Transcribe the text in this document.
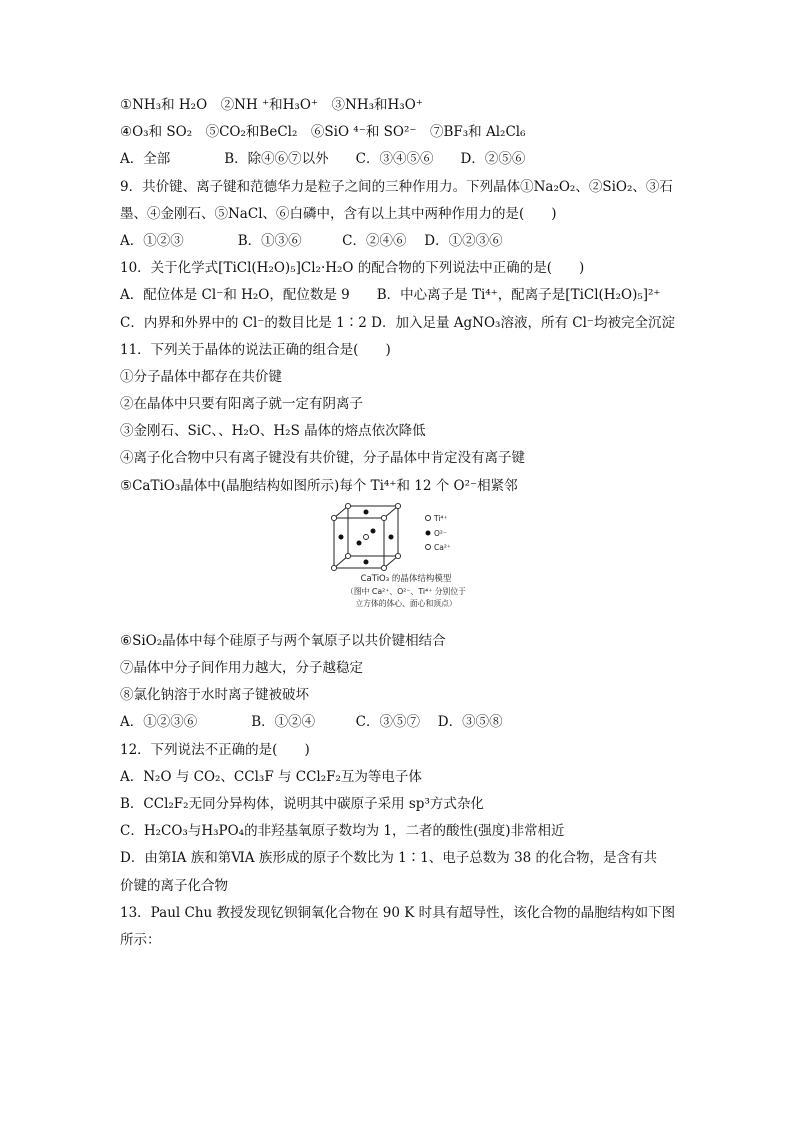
①NH₃和 H₂O　②NH ⁺和H₃O⁺　③NH₃和H₃O⁺
④O₃和 SO₂　⑤CO₂和BeCl₂　⑥SiO ⁴⁻和 SO²⁻　⑦BF₃和 Al₂Cl₆
A．全部　　　　B．除④⑥⑦以外　　C．③④⑤⑥　　D．②⑤⑥
9．共价键、离子键和范德华力是粒子之间的三种作用力。下列晶体①Na₂O₂、②SiO₂、③石
墨、④金刚石、⑤NaCl、⑥白磷中，含有以上其中两种作用力的是(　　)
A．①②③　　　　B．①③⑥　　　C．②④⑥　 D．①②③⑥
10．关于化学式[TiCl(H₂O)₅]Cl₂·H₂O 的配合物的下列说法中正确的是(　　)
A．配位体是 Cl⁻和 H₂O，配位数是 9　　B．中心离子是 Ti⁴⁺，配离子是[TiCl(H₂O)₅]²⁺
C．内界和外界中的 Cl⁻的数目比是 1∶2 D．加入足量 AgNO₃溶液，所有 Cl⁻均被完全沉淀
11．下列关于晶体的说法正确的组合是(　　)
①分子晶体中都存在共价键
②在晶体中只要有阳离子就一定有阴离子
③金刚石、SiC、、H₂O、H₂S 晶体的熔点依次降低
④离子化合物中只有离子键没有共价键，分子晶体中肯定没有离子键
⑤CaTiO₃晶体中(晶胞结构如图所示)每个 Ti⁴⁺和 12 个 O²⁻相紧邻
Ti⁴⁺
O²⁻
Ca²⁺
CaTiO₃ 的晶体结构模型
（图中 Ca²⁺、O²⁻、Ti⁴⁺ 分别位于
立方体的体心、面心和顶点）
⑥SiO₂晶体中每个硅原子与两个氧原子以共价键相结合
⑦晶体中分子间作用力越大，分子越稳定
⑧氯化钠溶于水时离子键被破坏
A．①②③⑥　　　　B．①②④　　　C．③⑤⑦　 D．③⑤⑧
12．下列说法不正确的是(　　)
A．N₂O 与 CO₂、CCl₃F 与 CCl₂F₂互为等电子体
B．CCl₂F₂无同分异构体，说明其中碳原子采用 sp³方式杂化
C．H₂CO₃与H₃PO₄的非羟基氧原子数均为 1，二者的酸性(强度)非常相近
D．由第ⅠA 族和第ⅥA 族形成的原子个数比为 1∶1、电子总数为 38 的化合物，是含有共
价键的离子化合物
13．Paul Chu 教授发现钇钡铜氧化合物在 90 K 时具有超导性，该化合物的晶胞结构如下图
所示：
